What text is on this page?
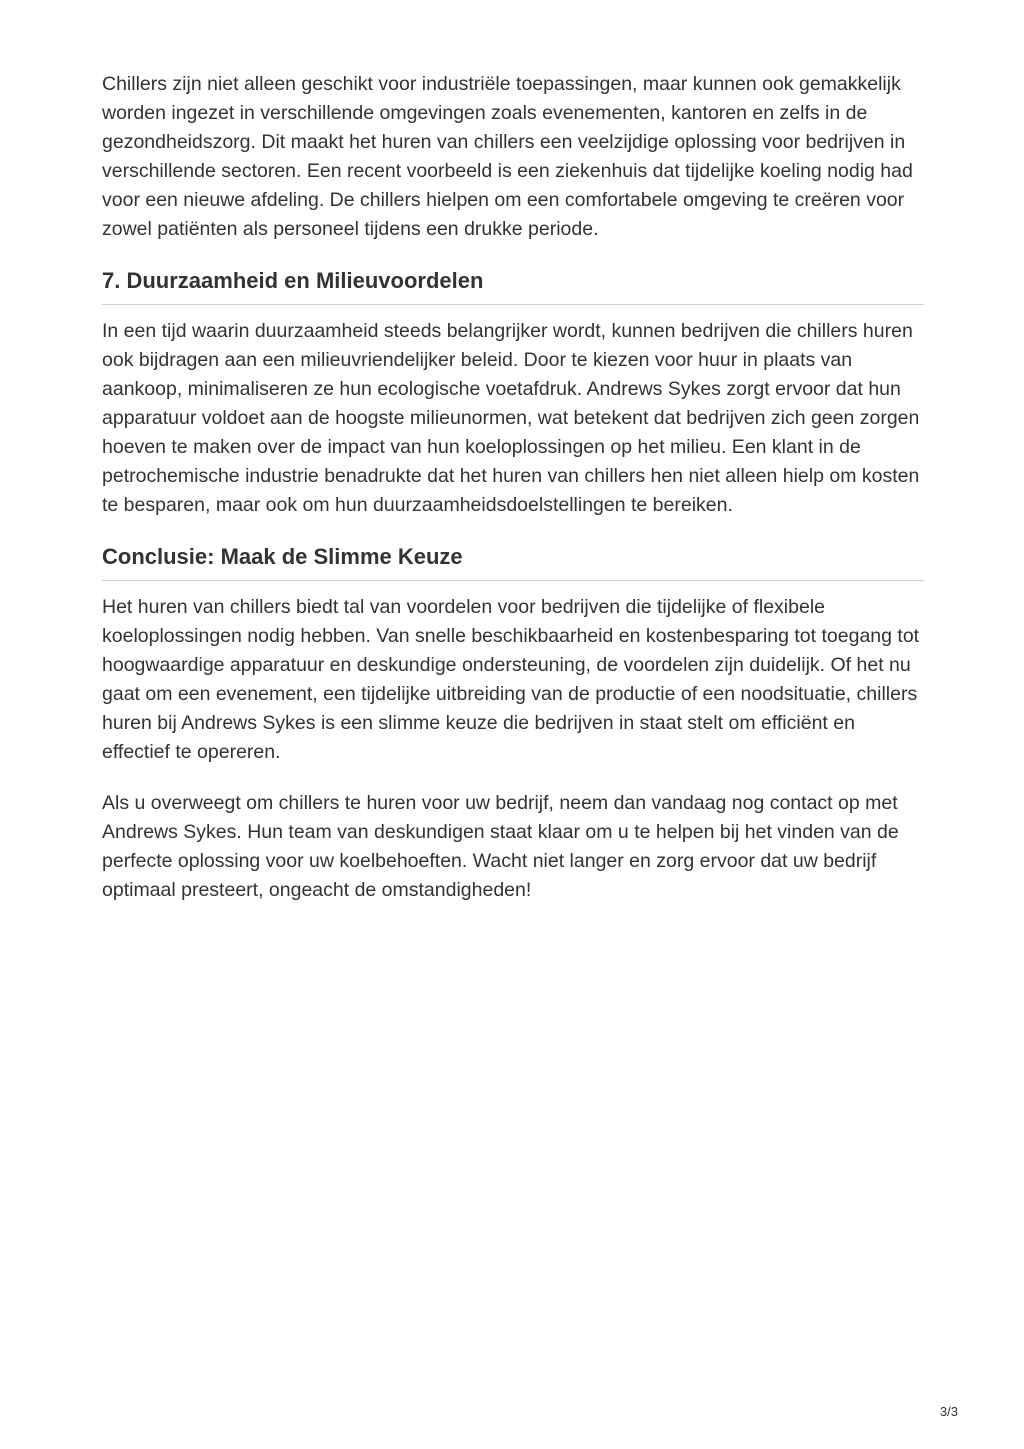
Chillers zijn niet alleen geschikt voor industriële toepassingen, maar kunnen ook gemakkelijk worden ingezet in verschillende omgevingen zoals evenementen, kantoren en zelfs in de gezondheidszorg. Dit maakt het huren van chillers een veelzijdige oplossing voor bedrijven in verschillende sectoren. Een recent voorbeeld is een ziekenhuis dat tijdelijke koeling nodig had voor een nieuwe afdeling. De chillers hielpen om een comfortabele omgeving te creëren voor zowel patiënten als personeel tijdens een drukke periode.

7. Duurzaamheid en Milieuvoordelen

In een tijd waarin duurzaamheid steeds belangrijker wordt, kunnen bedrijven die chillers huren ook bijdragen aan een milieuvriendelijker beleid. Door te kiezen voor huur in plaats van aankoop, minimaliseren ze hun ecologische voetafdruk. Andrews Sykes zorgt ervoor dat hun apparatuur voldoet aan de hoogste milieunormen, wat betekent dat bedrijven zich geen zorgen hoeven te maken over de impact van hun koeloplossingen op het milieu. Een klant in de petrochemische industrie benadrukte dat het huren van chillers hen niet alleen hielp om kosten te besparen, maar ook om hun duurzaamheidsdoelstellingen te bereiken.

Conclusie: Maak de Slimme Keuze

Het huren van chillers biedt tal van voordelen voor bedrijven die tijdelijke of flexibele koeloplossingen nodig hebben. Van snelle beschikbaarheid en kostenbesparing tot toegang tot hoogwaardige apparatuur en deskundige ondersteuning, de voordelen zijn duidelijk. Of het nu gaat om een evenement, een tijdelijke uitbreiding van de productie of een noodsituatie, chillers huren bij Andrews Sykes is een slimme keuze die bedrijven in staat stelt om efficiënt en effectief te opereren.

Als u overweegt om chillers te huren voor uw bedrijf, neem dan vandaag nog contact op met Andrews Sykes. Hun team van deskundigen staat klaar om u te helpen bij het vinden van de perfecte oplossing voor uw koelbehoeften. Wacht niet langer en zorg ervoor dat uw bedrijf optimaal presteert, ongeacht de omstandigheden!

3/3
